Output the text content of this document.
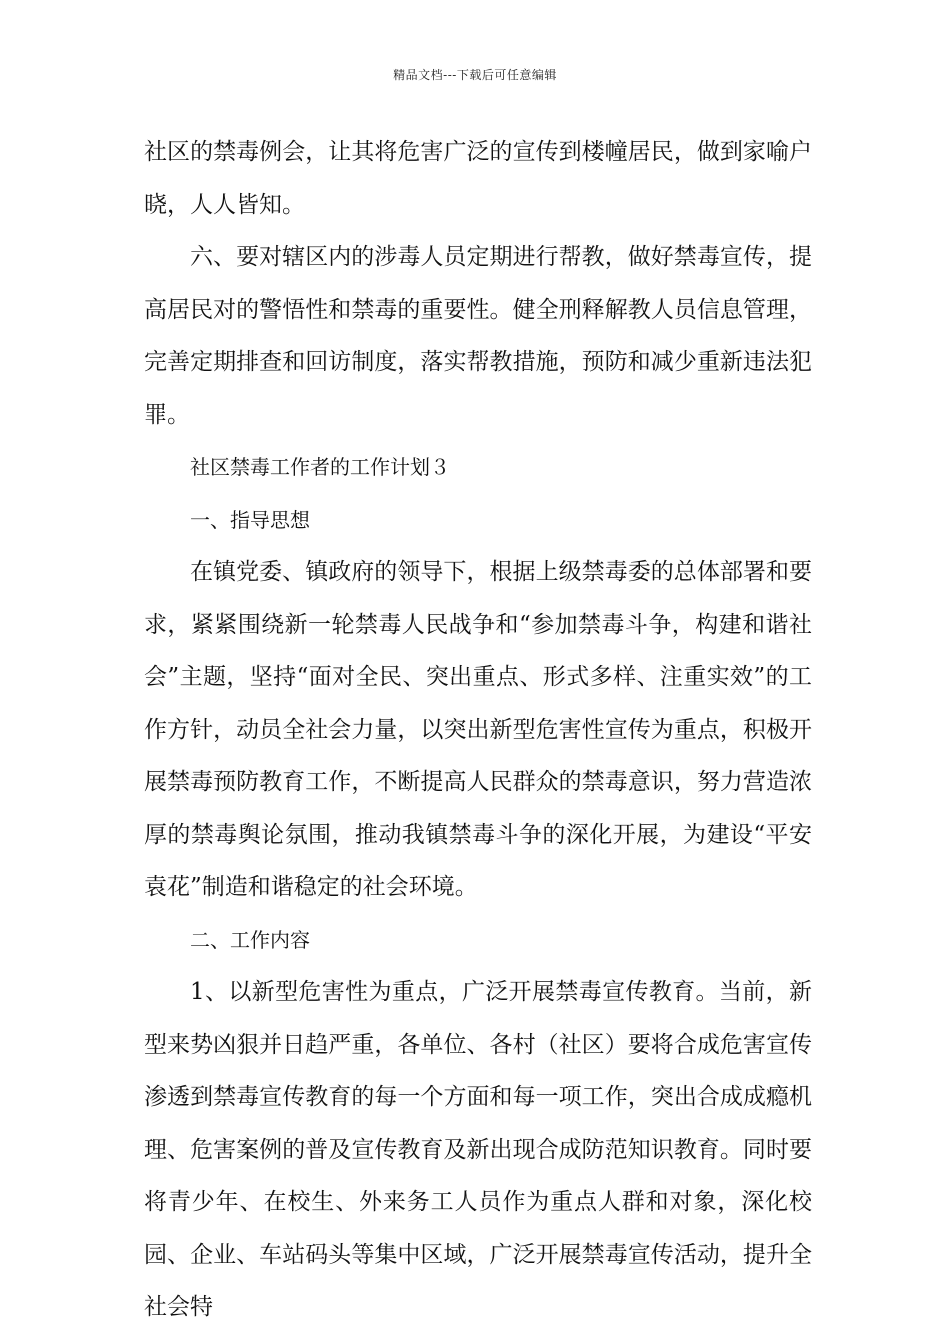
精品文档---下载后可任意编辑

社区的禁毒例会，让其将危害广泛的宣传到楼幢居民，做到家喻户晓，人人皆知。

六、要对辖区内的涉毒人员定期进行帮教，做好禁毒宣传，提高居民对的警悟性和禁毒的重要性。健全刑释解教人员信息管理，完善定期排查和回访制度，落实帮教措施，预防和减少重新违法犯罪。

社区禁毒工作者的工作计划３

一、指导思想

在镇党委、镇政府的领导下，根据上级禁毒委的总体部署和要求，紧紧围绕新一轮禁毒人民战争和“参加禁毒斗争，构建和谐社会”主题，坚持“面对全民、突出重点、形式多样、注重实效”的工作方针，动员全社会力量，以突出新型危害性宣传为重点，积极开展禁毒预防教育工作，不断提高人民群众的禁毒意识，努力营造浓厚的禁毒舆论氛围，推动我镇禁毒斗争的深化开展，为建设“平安袁花”制造和谐稳定的社会环境。

二、工作内容

1、以新型危害性为重点，广泛开展禁毒宣传教育。当前，新型来势凶狠并日趋严重，各单位、各村（社区）要将合成危害宣传渗透到禁毒宣传教育的每一个方面和每一项工作，突出合成成瘾机理、危害案例的普及宣传教育及新出现合成防范知识教育。同时要将青少年、在校生、外来务工人员作为重点人群和对象，深化校园、企业、车站码头等集中区域，广泛开展禁毒宣传活动，提升全社会特
